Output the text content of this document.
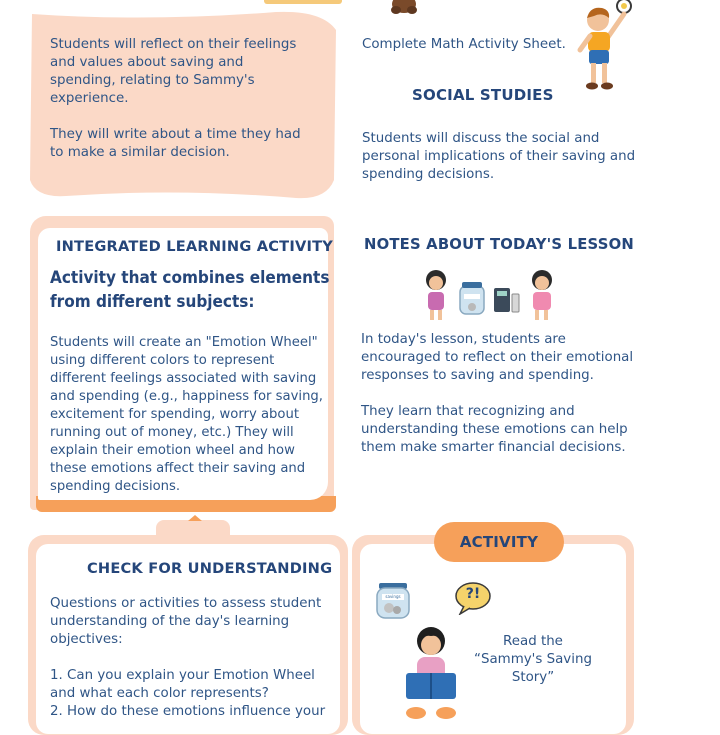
Students will reflect on their feelings and values about saving and spending, relating to Sammy's experience.

They will write about a time they had to make a similar decision.

Complete Math Activity Sheet.

SOCIAL STUDIES

Students will discuss the social and personal implications of their saving and spending decisions.

INTEGRATED LEARNING ACTIVITY
Activity that combines elements from different subjects:

Students will create an "Emotion Wheel" using different colors to represent different feelings associated with saving and spending (e.g., happiness for saving, excitement for spending, worry about running out of money, etc.) They will explain their emotion wheel and how these emotions affect their saving and spending decisions.

NOTES ABOUT TODAY'S LESSON

In today's lesson, students are encouraged to reflect on their emotional responses to saving and spending.

They learn that recognizing and understanding these emotions can help them make smarter financial decisions.

CHECK FOR UNDERSTANDING

Questions or activities to assess student understanding of the day's learning objectives:

1. Can you explain your Emotion Wheel and what each color represents?

2. How do these emotions influence your

ACTIVITY
savings	?!

Read the

“Sammy's Saving

Story”
